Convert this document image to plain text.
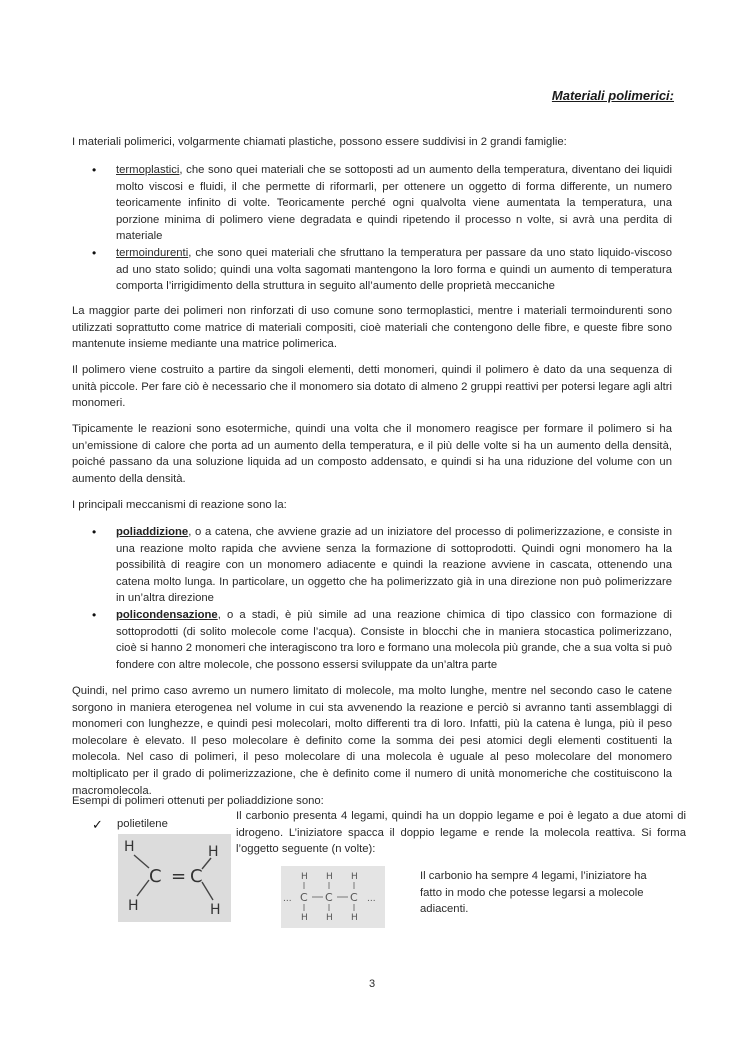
Materiali polimerici:

I materiali polimerici, volgarmente chiamati plastiche, possono essere suddivisi in 2 grandi famiglie:

• termoplastici, che sono quei materiali che se sottoposti ad un aumento della temperatura, diventano dei liquidi molto viscosi e fluidi, il che permette di riformarli, per ottenere un oggetto di forma differente, un numero teoricamente infinito di volte. Teoricamente perché ogni qualvolta viene aumentata la temperatura, una porzione minima di polimero viene degradata e quindi ripetendo il processo n volte, si avrà una perdita di materiale

• termoindurenti, che sono quei materiali che sfruttano la temperatura per passare da uno stato liquido-viscoso ad uno stato solido; quindi una volta sagomati mantengono la loro forma e quindi un aumento di temperatura comporta l’irrigidimento della struttura in seguito all’aumento delle proprietà meccaniche

La maggior parte dei polimeri non rinforzati di uso comune sono termoplastici, mentre i materiali termoindurenti sono utilizzati soprattutto come matrice di materiali compositi, cioè materiali che contengono delle fibre, e queste fibre sono mantenute insieme mediante una matrice polimerica.

Il polimero viene costruito a partire da singoli elementi, detti monomeri, quindi il polimero è dato da una sequenza di unità piccole. Per fare ciò è necessario che il monomero sia dotato di almeno 2 gruppi reattivi per potersi legare agli altri monomeri.

Tipicamente le reazioni sono esotermiche, quindi una volta che il monomero reagisce per formare il polimero si ha un’emissione di calore che porta ad un aumento della temperatura, e il più delle volte si ha un aumento della densità, poiché passano da una soluzione liquida ad un composto addensato, e quindi si ha una riduzione del volume con un aumento della densità.

I principali meccanismi di reazione sono la:

• poliaddizione, o a catena, che avviene grazie ad un iniziatore del processo di polimerizzazione, e consiste in una reazione molto rapida che avviene senza la formazione di sottoprodotti. Quindi ogni monomero ha la possibilità di reagire con un monomero adiacente e quindi la reazione avviene in cascata, ottenendo una catena molto lunga. In particolare, un oggetto che ha polimerizzato già in una direzione non può polimerizzare in un’altra direzione

• policondensazione, o a stadi, è più simile ad una reazione chimica di tipo classico con formazione di sottoprodotti (di solito molecole come l’acqua). Consiste in blocchi che in maniera stocastica polimerizzano, cioè si hanno 2 monomeri che interagiscono tra loro e formano una molecola più grande, che a sua volta si può fondere con altre molecole, che possono essersi sviluppate da un’altra parte

Quindi, nel primo caso avremo un numero limitato di molecole, ma molto lunghe, mentre nel secondo caso le catene sorgono in maniera eterogenea nel volume in cui sta avvenendo la reazione e perciò si avranno tanti assemblaggi di monomeri con lunghezze, e quindi pesi molecolari, molto differenti tra di loro. Infatti, più la catena è lunga, più il peso molecolare è elevato. Il peso molecolare è definito come la somma dei pesi atomici degli elementi costituenti la molecola. Nel caso di polimeri, il peso molecolare di una molecola è uguale al peso molecolare del monomero moltiplicato per il grado di polimerizzazione, che è definito come il numero di unità monomeriche che costituiscono la macromolecola.

Esempi di polimeri ottenuti per poliaddizione sono:

✓ polietilene

Il carbonio presenta 4 legami, quindi ha un doppio legame e poi è legato a due atomi di idrogeno. L’iniziatore spacca il doppio legame e rende la molecola reattiva. Si forma l’oggetto seguente (n volte):

H	H
H	H
C = C	H H H
H H H
... C C C ...

Il carbonio ha sempre 4 legami, l’iniziatore ha fatto in modo che potesse legarsi a molecole adiacenti.

3
